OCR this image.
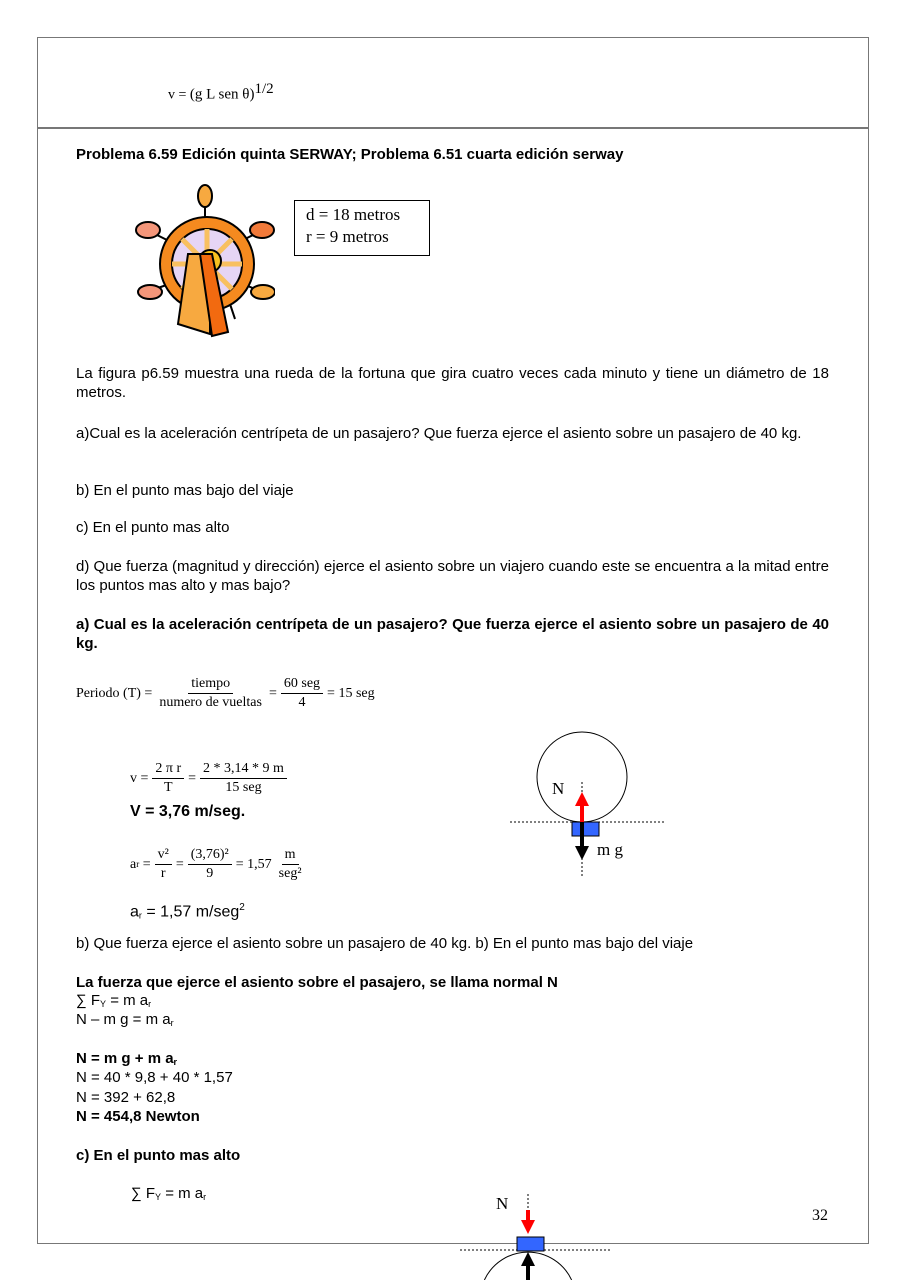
v = (g L sen θ)$^{1/2}$
Problema 6.59 Edición quinta SERWAY; Problema 6.51 cuarta edición serway
d = 18 metros
r = 9 metros
La figura p6.59 muestra una rueda de la fortuna que gira cuatro veces cada minuto y tiene un diámetro de 18 metros.
a)Cual es la aceleración centrípeta de un pasajero? Que fuerza ejerce el asiento sobre un pasajero de 40 kg.
b) En el punto mas bajo del viaje
c) En el punto mas alto
d) Que fuerza (magnitud y dirección) ejerce el asiento sobre un viajero cuando este se encuentra a la mitad entre los puntos mas alto y mas bajo?
a) Cual es la aceleración centrípeta de un pasajero? Que fuerza ejerce el asiento sobre un pasajero de 40 kg.
Periodo $(T) = \frac{\text{tiempo}}{\text{numero de vueltas}} = \frac{\text{60 seg}}{4} = 15$ seg
$v = \frac{\text{2 π r}}{T} = \frac{2 * 3,14 * 9 m}{\text{15 seg}}$
V = 3,76 m/seg.
a $r = \frac{\text{v²}}{r} = \frac{\text{(3,76)²}}{9} = 1,57 \frac{m}{\text{seg²}}$
$a_r = 1,57$ m/seg$^2$
N
m g
b) Que fuerza ejerce el asiento sobre un pasajero de 40 kg. b) En el punto mas bajo del viaje
La fuerza que ejerce el asiento sobre el pasajero, se llama normal N
∑ $F_Y = m$ $a_r$
N – m g = m $a_r$
N = m g + m $a_r$
N = 40 * 9,8 + 40 * 1,57
N = 392 + 62,8
N = 454,8 Newton
c) En el punto mas alto
∑ $F_Y = m$ $a_r$
32
N
